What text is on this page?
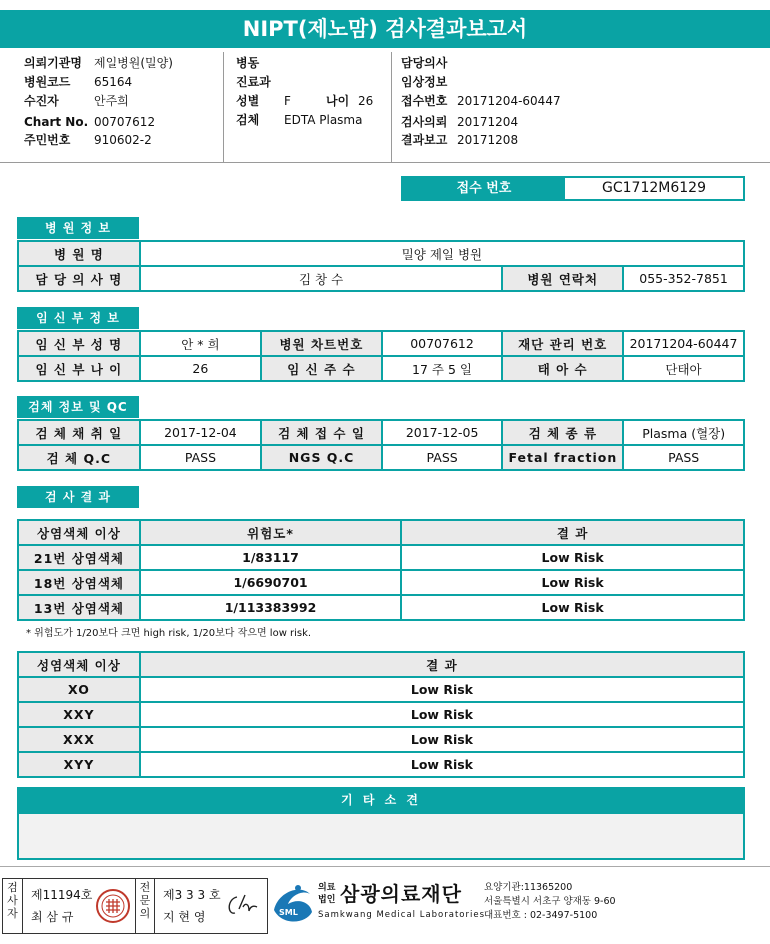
NIPT(제노맘) 검사결과보고서
의뢰기관명 제일병원(밀양)
병원코드 65164
수진자	안주희
Chart No. 00707612
주민번호 910602-2
병동
진료과
성별 F	나이 26
검체 EDTA Plasma
담당의사
임상정보
접수번호 20171204-60447
검사의뢰 20171204
결과보고 20171208
접수 번호	GC1712M6129
병 원 정 보
병 원 명	밀양 제일 병원		
담 당 의 사 명	김 창 수	병원 연락처	055-352-7851
임 신 부 정 보
임 신 부 성 명	안 * 희	병원 차트번호	00707612	재단 관리 번호	20171204-60447
임 신 부 나 이	26	임 신 주 수	17 주 5 일	태 아 수	단태아
검체 정보 및 QC
검 체 채 취 일	2017-12-04	검 체 접 수 일	2017-12-05	검 체 종 류	Plasma (혈장)
검 체 Q.C	PASS	NGS Q.C	PASS	Fetal fraction	PASS
검 사 결 과
상염색체 이상	위험도*	결 과
21번 상염색체	1/83117	Low Risk
18번 상염색체	1/6690701	Low Risk
13번 상염색체	1/113383992	Low Risk
* 위험도가 1/20보다 크면 high risk, 1/20보다 작으면 low risk.
성염색체 이상	결 과
XO	Low Risk
XXY	Low Risk
XXX	Low Risk
XYY	Low Risk
기 타 소 견
검사자
제11194호
최 삼 규
전문의
제3 3 3 호
지 현 영	SML
의료 법인 삼광의료재단
Samkwang Medical Laboratories
요양기관:11365200
서울특별시 서초구 양재동 9-60
대표번호 : 02-3497-5100
